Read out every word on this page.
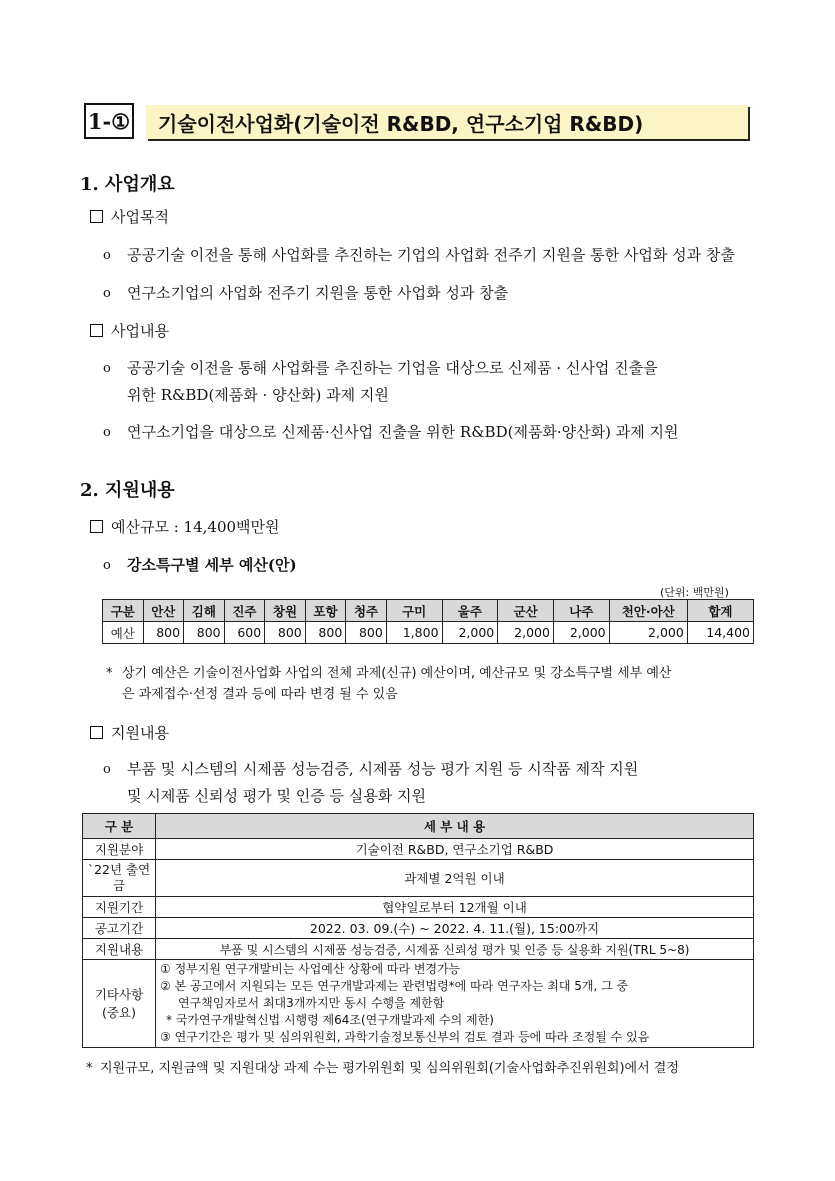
1-①	기술이전사업화(기술이전 R&BD, 연구소기업 R&BD)
1. 사업개요
사업목적
o	공공기술 이전을 통해 사업화를 추진하는 기업의 사업화 전주기 지원을 통한 사업화 성과 창출
o	연구소기업의 사업화 전주기 지원을 통한 사업화 성과 창출
사업내용
o	공공기술 이전을 통해 사업화를 추진하는 기업을 대상으로 신제품 · 신사업 진출을
위한 R&BD(제품화 · 양산화) 과제 지원
o	연구소기업을 대상으로 신제품·신사업 진출을 위한 R&BD(제품화·양산화) 과제 지원
2. 지원내용
예산규모 : 14,400백만원
o	강소특구별 세부 예산(안)
(단위: 백만원)
구분	안산	김해	진주	창원	포항	청주	구미	울주	군산	나주	천안·아산	합계
예산	800	800	600	800	800	800	1,800	2,000	2,000	2,000	2,000	14,400
* 상기 예산은 기술이전사업화 사업의 전체 과제(신규) 예산이며, 예산규모 및 강소특구별 세부 예산
은 과제접수·선정 결과 등에 따라 변경 될 수 있음
지원내용
o	부품 및 시스템의 시제품 성능검증, 시제품 성능 평가 지원 등 시작품 제작 지원
및 시제품 신뢰성 평가 및 인증 등 실용화 지원
구 분	세 부 내 용
지원분야	기술이전 R&BD, 연구소기업 R&BD
`22년 출연금	과제별 2억원 이내
지원기간	협약일로부터 12개월 이내
공고기간	2022. 03. 09.(수) ~ 2022. 4. 11.(월), 15:00까지
지원내용	부품 및 시스템의 시제품 성능검증, 시제품 신뢰성 평가 및 인증 등 실용화 지원(TRL 5~8)
기타사항 (중요)	① 정부지원 연구개발비는 사업예산 상황에 따라 변경가능
② 본 공고에서 지원되는 모든 연구개발과제는 관련법령*에 따라 연구자는 최대 5개, 그 중
연구책임자로서 최대3개까지만 동시 수행을 제한함
* 국가연구개발혁신법 시행령 제64조(연구개발과제 수의 제한)
③ 연구기간은 평가 및 심의위원회, 과학기술정보통신부의 검토 결과 등에 따라 조정될 수 있음
* 지원규모, 지원금액 및 지원대상 과제 수는 평가위원회 및 심의위원회(기술사업화추진위원회)에서 결정
